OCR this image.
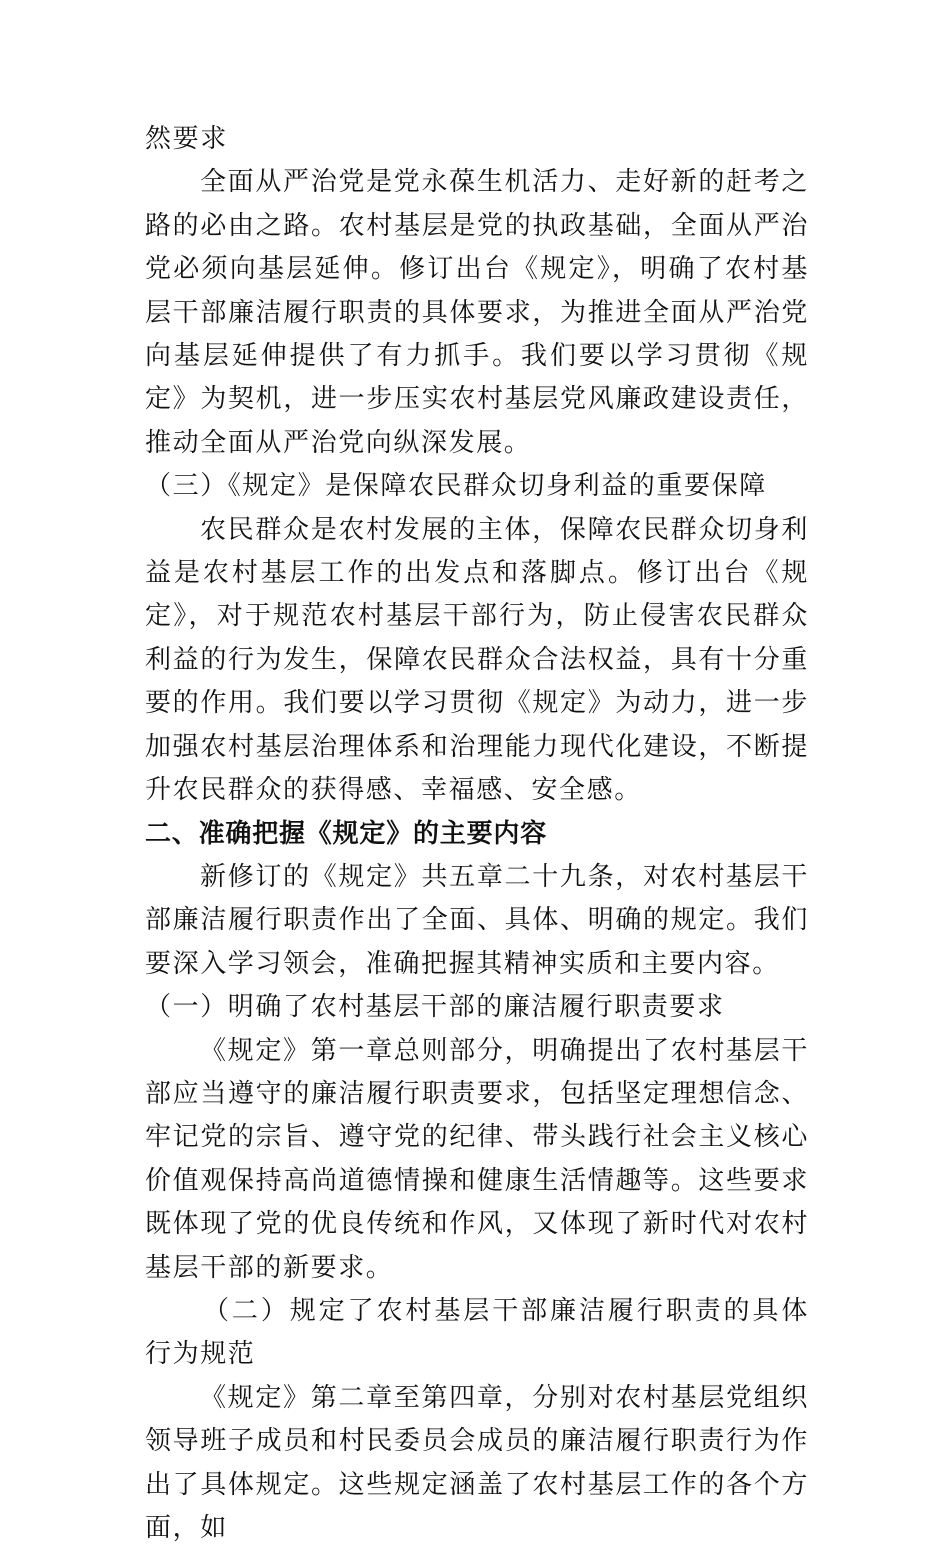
然要求

全面从严治党是党永葆生机活力、走好新的赶考之路的必由之路。农村基层是党的执政基础，全面从严治党必须向基层延伸。修订出台《规定》，明确了农村基层干部廉洁履行职责的具体要求，为推进全面从严治党向基层延伸提供了有力抓手。我们要以学习贯彻《规定》为契机，进一步压实农村基层党风廉政建设责任，推动全面从严治党向纵深发展。

（三）《规定》是保障农民群众切身利益的重要保障

农民群众是农村发展的主体，保障农民群众切身利益是农村基层工作的出发点和落脚点。修订出台《规定》，对于规范农村基层干部行为，防止侵害农民群众利益的行为发生，保障农民群众合法权益，具有十分重要的作用。我们要以学习贯彻《规定》为动力，进一步加强农村基层治理体系和治理能力现代化建设，不断提升农民群众的获得感、幸福感、安全感。

二、准确把握《规定》的主要内容

新修订的《规定》共五章二十九条，对农村基层干部廉洁履行职责作出了全面、具体、明确的规定。我们要深入学习领会，准确把握其精神实质和主要内容。

（一）明确了农村基层干部的廉洁履行职责要求

《规定》第一章总则部分，明确提出了农村基层干部应当遵守的廉洁履行职责要求，包括坚定理想信念、牢记党的宗旨、遵守党的纪律、带头践行社会主义核心价值观保持高尚道德情操和健康生活情趣等。这些要求既体现了党的优良传统和作风，又体现了新时代对农村基层干部的新要求。

（二）规定了农村基层干部廉洁履行职责的具体行为规范

《规定》第二章至第四章，分别对农村基层党组织领导班子成员和村民委员会成员的廉洁履行职责行为作出了具体规定。这些规定涵盖了农村基层工作的各个方面，如
